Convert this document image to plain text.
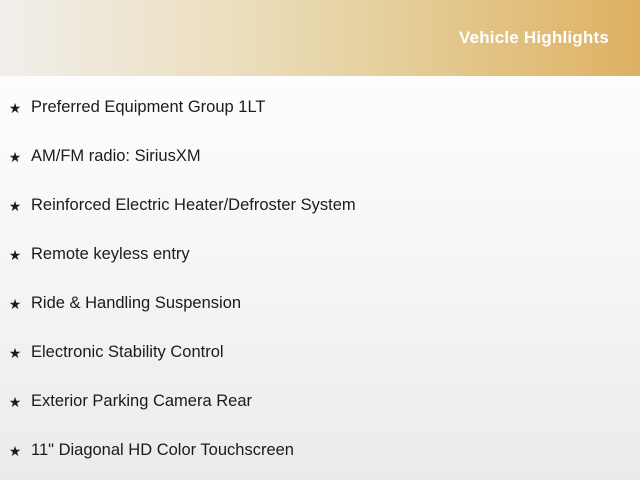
Vehicle Highlights
★ Preferred Equipment Group 1LT
★ AM/FM radio: SiriusXM
★ Reinforced Electric Heater/Defroster System
★ Remote keyless entry
★ Ride & Handling Suspension
★ Electronic Stability Control
★ Exterior Parking Camera Rear
★ 11" Diagonal HD Color Touchscreen
